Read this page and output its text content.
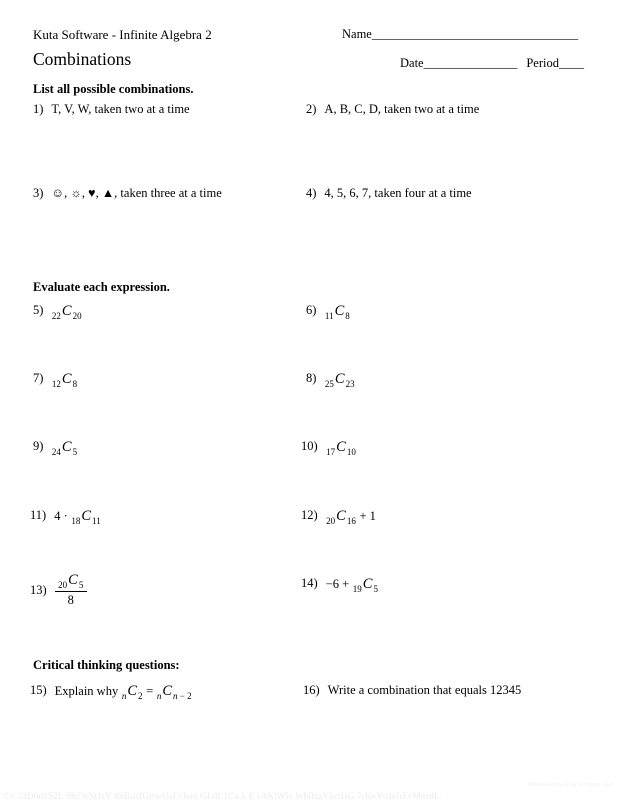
Kuta Software - Infinite Algebra 2	Name_________________________________
Combinations	Date_______________ Period____
List all possible combinations.
1) T, V, W, taken two at a time	2) A, B, C, D, taken two at a time
3) ☺, ☼, ♥, ▲, taken three at a time	4) 4, 5, 6, 7, taken four at a time
Evaluate each expression.
5) $_{22}C_{20}$	6) $_{11}C_8$
7) $_{12}C_8$	8) $_{25}C_{23}$
9) $_{24}C_5$	10) $_{17}C_{10}$
11) $4 \cdot _{18}C_{11}$	12) $_{20}C_{16} + 1$
$13) \frac{_{20}C_5}{8}$	$14) -6 + _{19}C_5$
Critical thinking questions:
15) Explain why $_nC_2 = _nC_{n - 2}$	16) Write a combination that equals 12345
Worksheet by Kuta Software LLC
©v 52D0d1S2L 9KOuStJaY 4SBozfGtrwUaUrIem GLdL1Cx.k E sAKlWlx brbiHgVhctIsG 7rKeYsdeJrFvMezdL.
